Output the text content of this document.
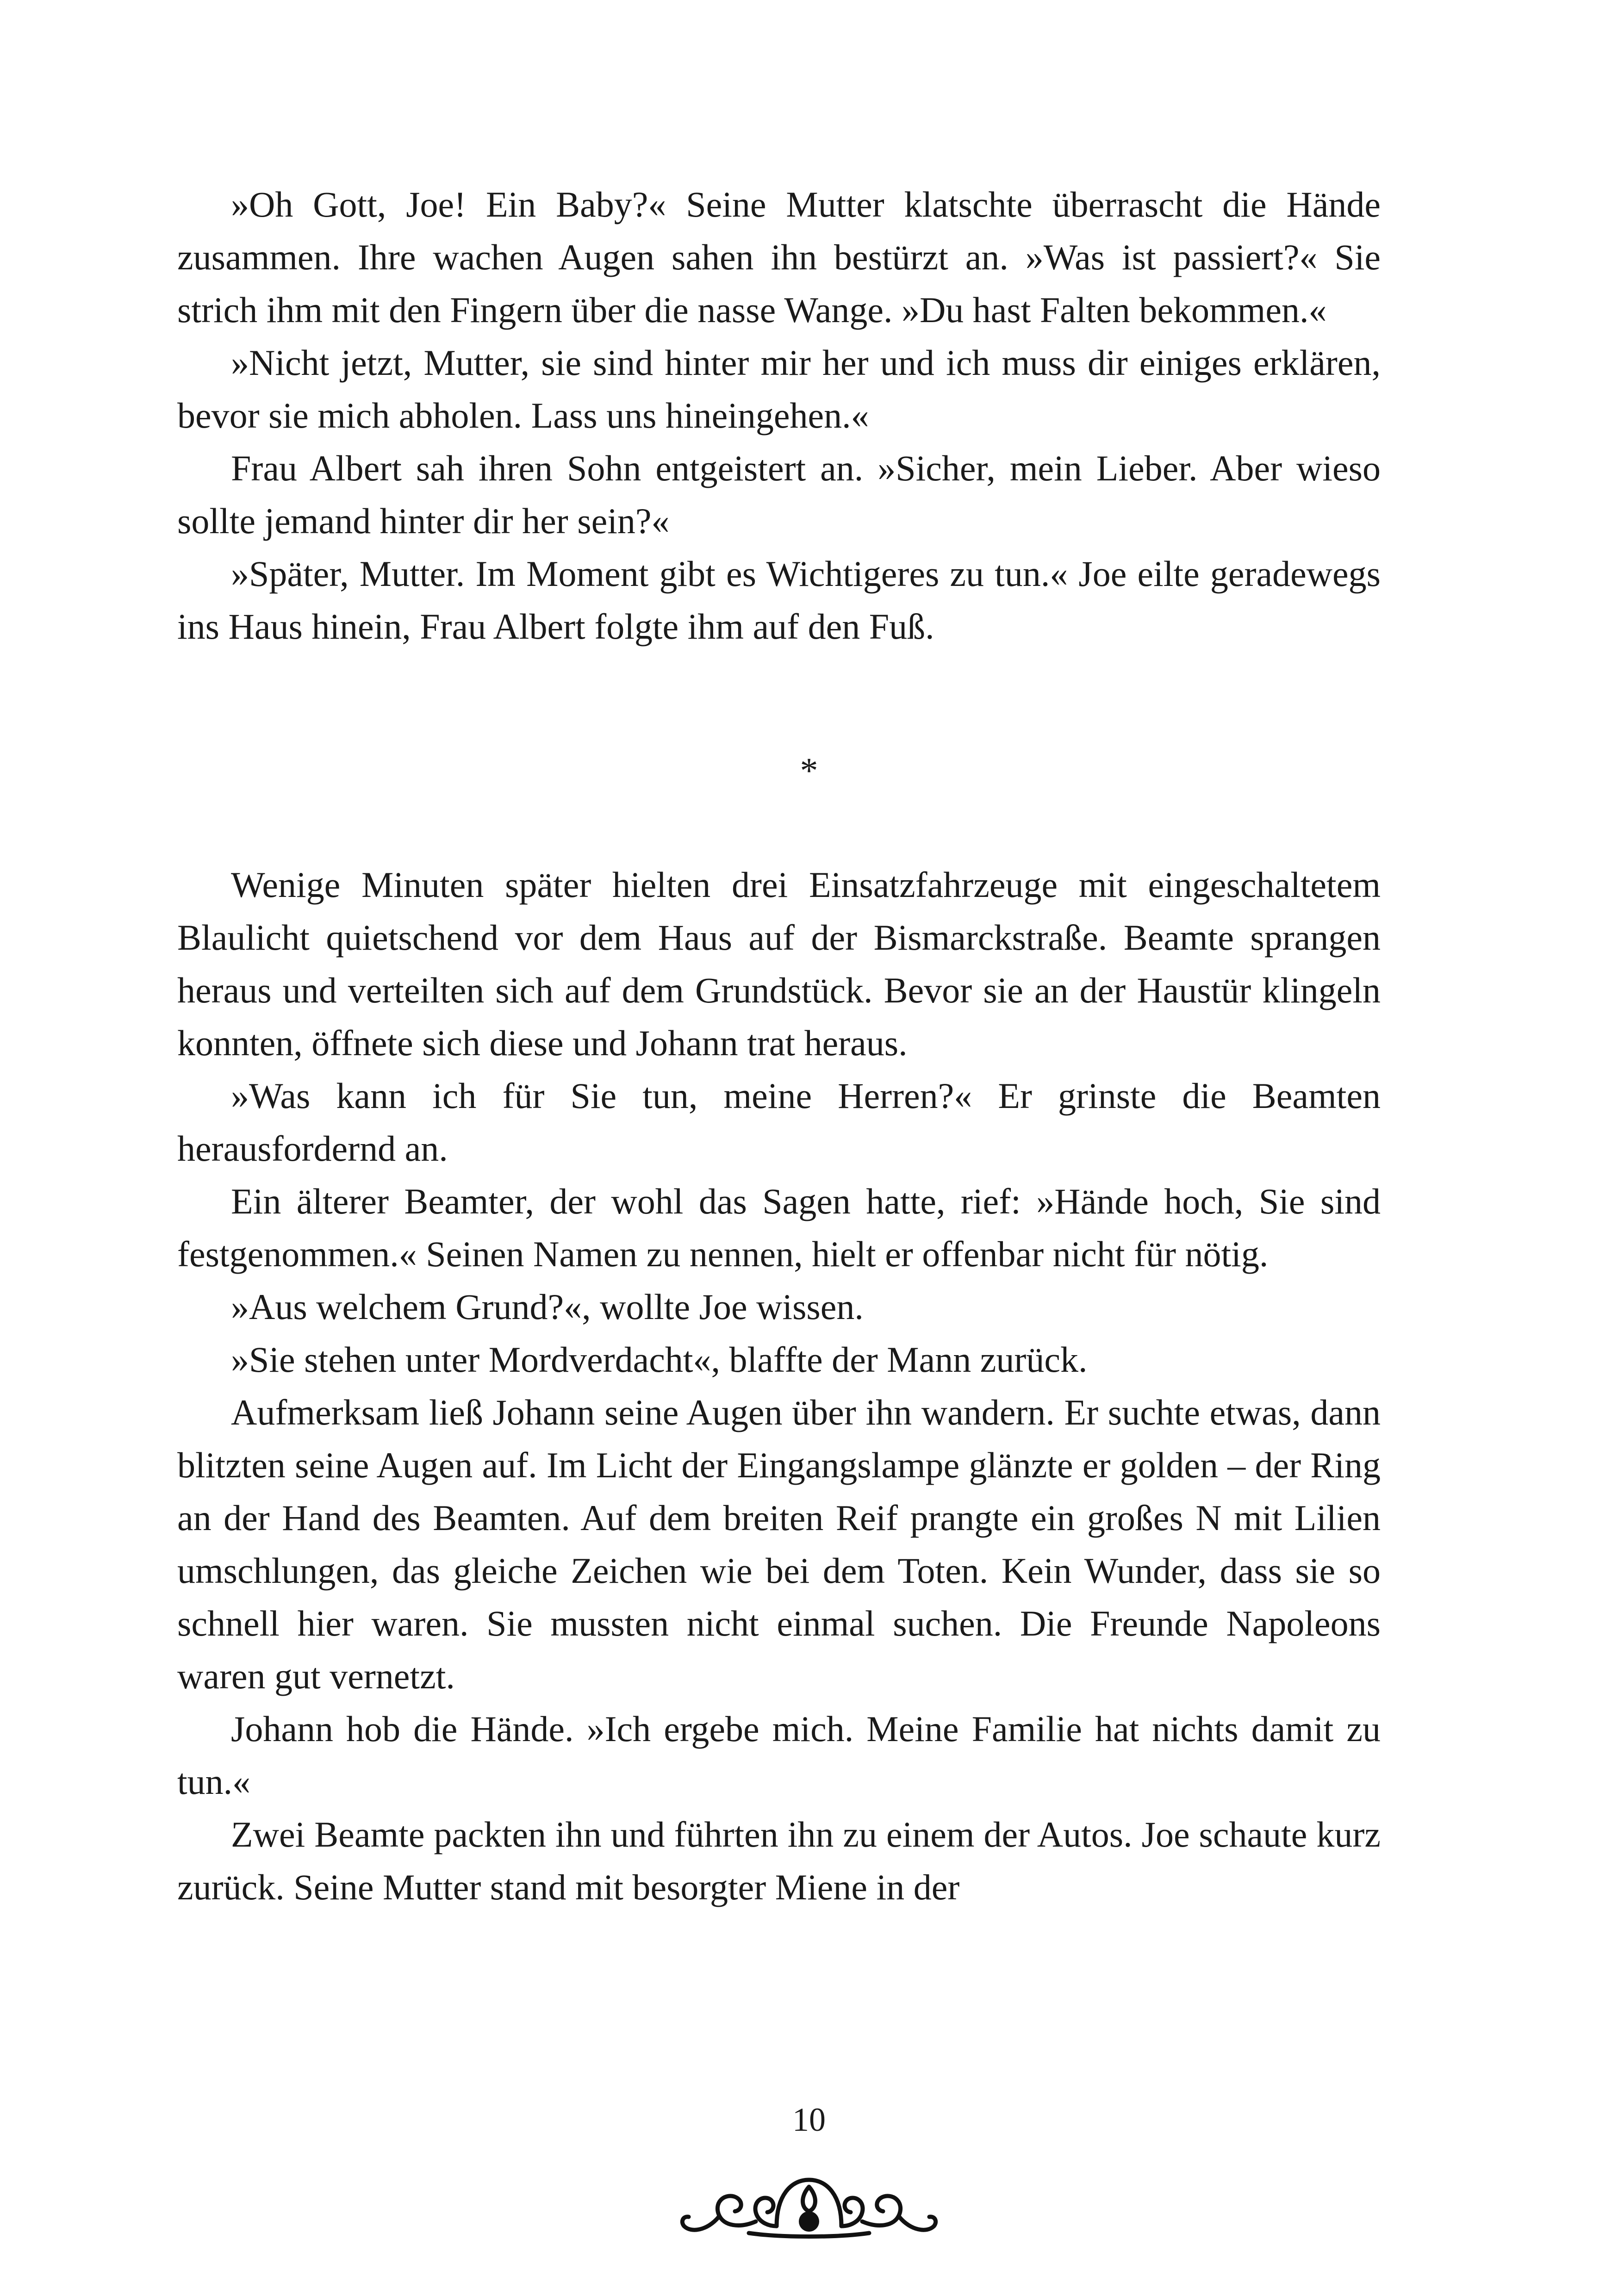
»Oh Gott, Joe! Ein Baby?« Seine Mutter klatschte überrascht die Hände zusammen. Ihre wachen Augen sahen ihn bestürzt an. »Was ist passiert?« Sie strich ihm mit den Fingern über die nasse Wange. »Du hast Falten bekommen.«

»Nicht jetzt, Mutter, sie sind hinter mir her und ich muss dir einiges erklären, bevor sie mich abholen. Lass uns hineingehen.«

Frau Albert sah ihren Sohn entgeistert an. »Sicher, mein Lieber. Aber wieso sollte jemand hinter dir her sein?«

»Später, Mutter. Im Moment gibt es Wichtigeres zu tun.« Joe eilte geradewegs ins Haus hinein, Frau Albert folgte ihm auf den Fuß.

*

Wenige Minuten später hielten drei Einsatzfahrzeuge mit eingeschaltetem Blaulicht quietschend vor dem Haus auf der Bismarckstraße. Beamte sprangen heraus und verteilten sich auf dem Grundstück. Bevor sie an der Haustür klingeln konnten, öffnete sich diese und Johann trat heraus.

»Was kann ich für Sie tun, meine Herren?« Er grinste die Beamten herausfordernd an.

Ein älterer Beamter, der wohl das Sagen hatte, rief: »Hände hoch, Sie sind festgenommen.« Seinen Namen zu nennen, hielt er offenbar nicht für nötig.

»Aus welchem Grund?«, wollte Joe wissen.

»Sie stehen unter Mordverdacht«, blaffte der Mann zurück.

Aufmerksam ließ Johann seine Augen über ihn wandern. Er suchte etwas, dann blitzten seine Augen auf. Im Licht der Eingangslampe glänzte er golden – der Ring an der Hand des Beamten. Auf dem breiten Reif prangte ein großes N mit Lilien umschlungen, das gleiche Zeichen wie bei dem Toten. Kein Wunder, dass sie so schnell hier waren. Sie mussten nicht einmal suchen. Die Freunde Napoleons waren gut vernetzt.

Johann hob die Hände. »Ich ergebe mich. Meine Familie hat nichts damit zu tun.«

Zwei Beamte packten ihn und führten ihn zu einem der Autos. Joe schaute kurz zurück. Seine Mutter stand mit besorgter Miene in der

10
